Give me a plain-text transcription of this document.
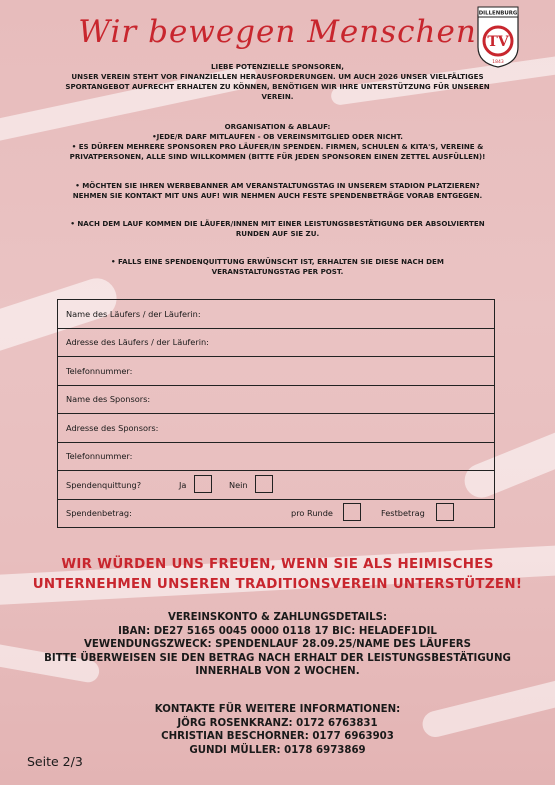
Wir bewegen Menschen
DILLENBURG
TV
1843
LIEBE POTENZIELLE SPONSOREN,
UNSER VEREIN STEHT VOR FINANZIELLEN HERAUSFORDERUNGEN. UM AUCH 2026 UNSER VIELFÄLTIGES
SPORTANGEBOT AUFRECHT ERHALTEN ZU KÖNNEN, BENÖTIGEN WIR IHRE UNTERSTÜTZUNG FÜR UNSEREN
VEREIN.
ORGANISATION & ABLAUF:
•JEDE/R DARF MITLAUFEN - OB VEREINSMITGLIED ODER NICHT.
• ES DÜRFEN MEHRERE SPONSOREN PRO LÄUFER/IN SPENDEN. FIRMEN, SCHULEN & KITA'S, VEREINE &
PRIVATPERSONEN, ALLE SIND WILLKOMMEN (BITTE FÜR JEDEN SPONSOREN EINEN ZETTEL AUSFÜLLEN)!
• MÖCHTEN SIE IHREN WERBEBANNER AM VERANSTALTUNGSTAG IN UNSEREM STADION PLATZIEREN?
NEHMEN SIE KONTAKT MIT UNS AUF! WIR NEHMEN AUCH FESTE SPENDENBETRÄGE VORAB ENTGEGEN.
• NACH DEM LAUF KOMMEN DIE LÄUFER/INNEN MIT EINER LEISTUNGSBESTÄTIGUNG DER ABSOLVIERTEN
RUNDEN AUF SIE ZU.
• FALLS EINE SPENDENQUITTUNG ERWÜNSCHT IST, ERHALTEN SIE DIESE NACH DEM
VERANSTALTUNGSTAG PER POST.
Name des Läufers / der Läuferin:
Adresse des Läufers / der Läuferin:
Telefonnummer:
Name des Sponsors:
Adresse des Sponsors:
Telefonnummer:
Spendenquittung?	Ja	Nein
Spendenbetrag:	pro Runde	Festbetrag
WIR WÜRDEN UNS FREUEN, WENN SIE ALS HEIMISCHES
UNTERNEHMEN UNSEREN TRADITIONSVEREIN UNTERSTÜTZEN!
VEREINSKONTO & ZAHLUNGSDETAILS:
IBAN: DE27 5165 0045 0000 0118 17 BIC: HELADEF1DIL
VEWENDUNGSZWECK: SPENDENLAUF 28.09.25/NAME DES LÄUFERS
BITTE ÜBERWEISEN SIE DEN BETRAG NACH ERHALT DER LEISTUNGSBESTÄTIGUNG
INNERHALB VON 2 WOCHEN.
KONTAKTE FÜR WEITERE INFORMATIONEN:
JÖRG ROSENKRANZ: 0172 6763831
CHRISTIAN BESCHORNER: 0177 6963903
GUNDI MÜLLER: 0178 6973869
Seite 2/3
